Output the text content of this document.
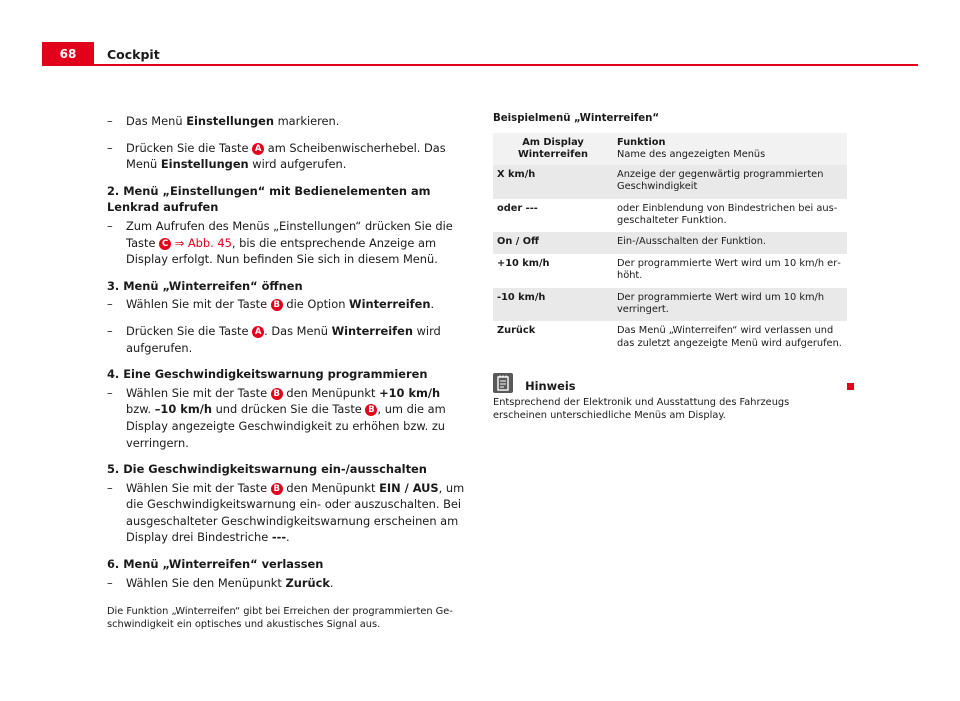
68	Cockpit
– Das Menü Einstellungen markieren.
– Drücken Sie die Taste A am Scheibenwischerhebel. Das Menü Einstellungen wird aufgerufen.

2. Menü „Einstellungen“ mit Bedienelementen am Lenkrad aufrufen

– Zum Aufrufen des Menüs „Einstellungen“ drücken Sie die Taste C ⇒ Abb. 45, bis die entsprechende Anzeige am Display erfolgt. Nun befinden Sie sich in diesem Menü.

3. Menü „Winterreifen“ öffnen

– Wählen Sie mit der Taste B die Option Winterreifen.
– Drücken Sie die Taste A . Das Menü Winterreifen wird aufgerufen.

4. Eine Geschwindigkeitswarnung programmieren

– Wählen Sie mit der Taste B den Menüpunkt +10 km/h bzw. –10 km/h und drücken Sie die Taste B , um die am Display angezeigte Geschwindigkeit zu erhöhen bzw. zu verringern.

5. Die Geschwindigkeitswarnung ein-/ausschalten

– Wählen Sie mit der Taste B den Menüpunkt EIN / AUS, um die Geschwindigkeitswarnung ein- oder auszuschalten. Bei ausgeschalteter Geschwindigkeitswarnung erscheinen am Display drei Bindestriche ---.

6. Menü „Winterreifen“ verlassen

– Wählen Sie den Menüpunkt Zurück.
Die Funktion „Winterreifen“ gibt bei Erreichen der programmierten Geschwindigkeit ein optisches und akustisches Signal aus.
Beispielmenü „Winterreifen“
Am Display Winterreifen	Funktion
Name des angezeigten Menüs
X km/h	Anzeige der gegenwärtig programmierten Geschwindigkeit
oder ---	oder Einblendung von Bindestrichen bei ausgeschalteter Funktion.
On / Off	Ein-/Ausschalten der Funktion.
+10 km/h	Der programmierte Wert wird um 10 km/h erhöht.
-10 km/h	Der programmierte Wert wird um 10 km/h verringert.
Zurück	Das Menü „Winterreifen“ wird verlassen und das zuletzt angezeigte Menü wird aufgerufen.
Hinweis
Entsprechend der Elektronik und Ausstattung des Fahrzeugs erscheinen unterschiedliche Menüs am Display.
